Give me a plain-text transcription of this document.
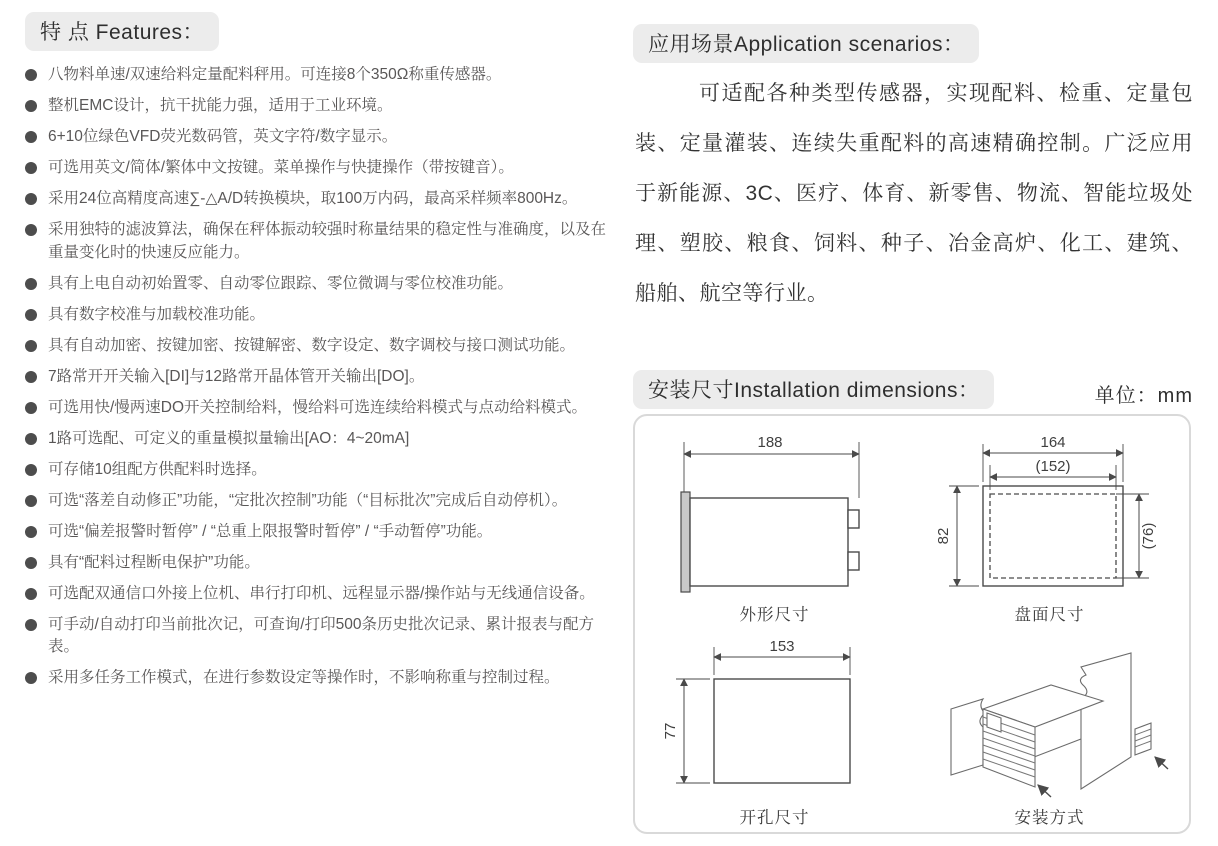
特 点 Features：
八物料单速/双速给料定量配料秤用。可连接8个350Ω称重传感器。
整机EMC设计，抗干扰能力强，适用于工业环境。
6+10位绿色VFD荧光数码管，英文字符/数字显示。
可选用英文/简体/繁体中文按键。菜单操作与快捷操作（带按键音）。
采用24位高精度高速∑-△A/D转换模块，取100万内码，最高采样频率800Hz。
采用独特的滤波算法，确保在秤体振动较强时称量结果的稳定性与准确度，以及在重量变化时的快速反应能力。
具有上电自动初始置零、自动零位跟踪、零位微调与零位校准功能。
具有数字校准与加载校准功能。
具有自动加密、按键加密、按键解密、数字设定、数字调校与接口测试功能。
7路常开开关输入[DI]与12路常开晶体管开关输出[DO]。
可选用快/慢两速DO开关控制给料，慢给料可选连续给料模式与点动给料模式。
1路可选配、可定义的重量模拟量输出[AO：4~20mA]
可存储10组配方供配料时选择。
可选“落差自动修正”功能，“定批次控制”功能（“目标批次”完成后自动停机）。
可选“偏差报警时暂停” / “总重上限报警时暂停” / “手动暂停”功能。
具有“配料过程断电保护”功能。
可选配双通信口外接上位机、串行打印机、远程显示器/操作站与无线通信设备。
可手动/自动打印当前批次记，可查询/打印500条历史批次记录、累计报表与配方表。
采用多任务工作模式，在进行参数设定等操作时，不影响称重与控制过程。
应用场景Application scenarios：

可适配各种类型传感器，实现配料、检重、定量包装、定量灌装、连续失重配料的高速精确控制。广泛应用于新能源、3C、医疗、体育、新零售、物流、智能垃圾处理、塑胶、粮食、饲料、种子、冶金高炉、化工、建筑、船舶、航空等行业。

安装尺寸Installation dimensions：	单位：mm
188
外形尺寸
164
(152)
82	(76)
盘面尺寸
153
77
开孔尺寸	安装方式
